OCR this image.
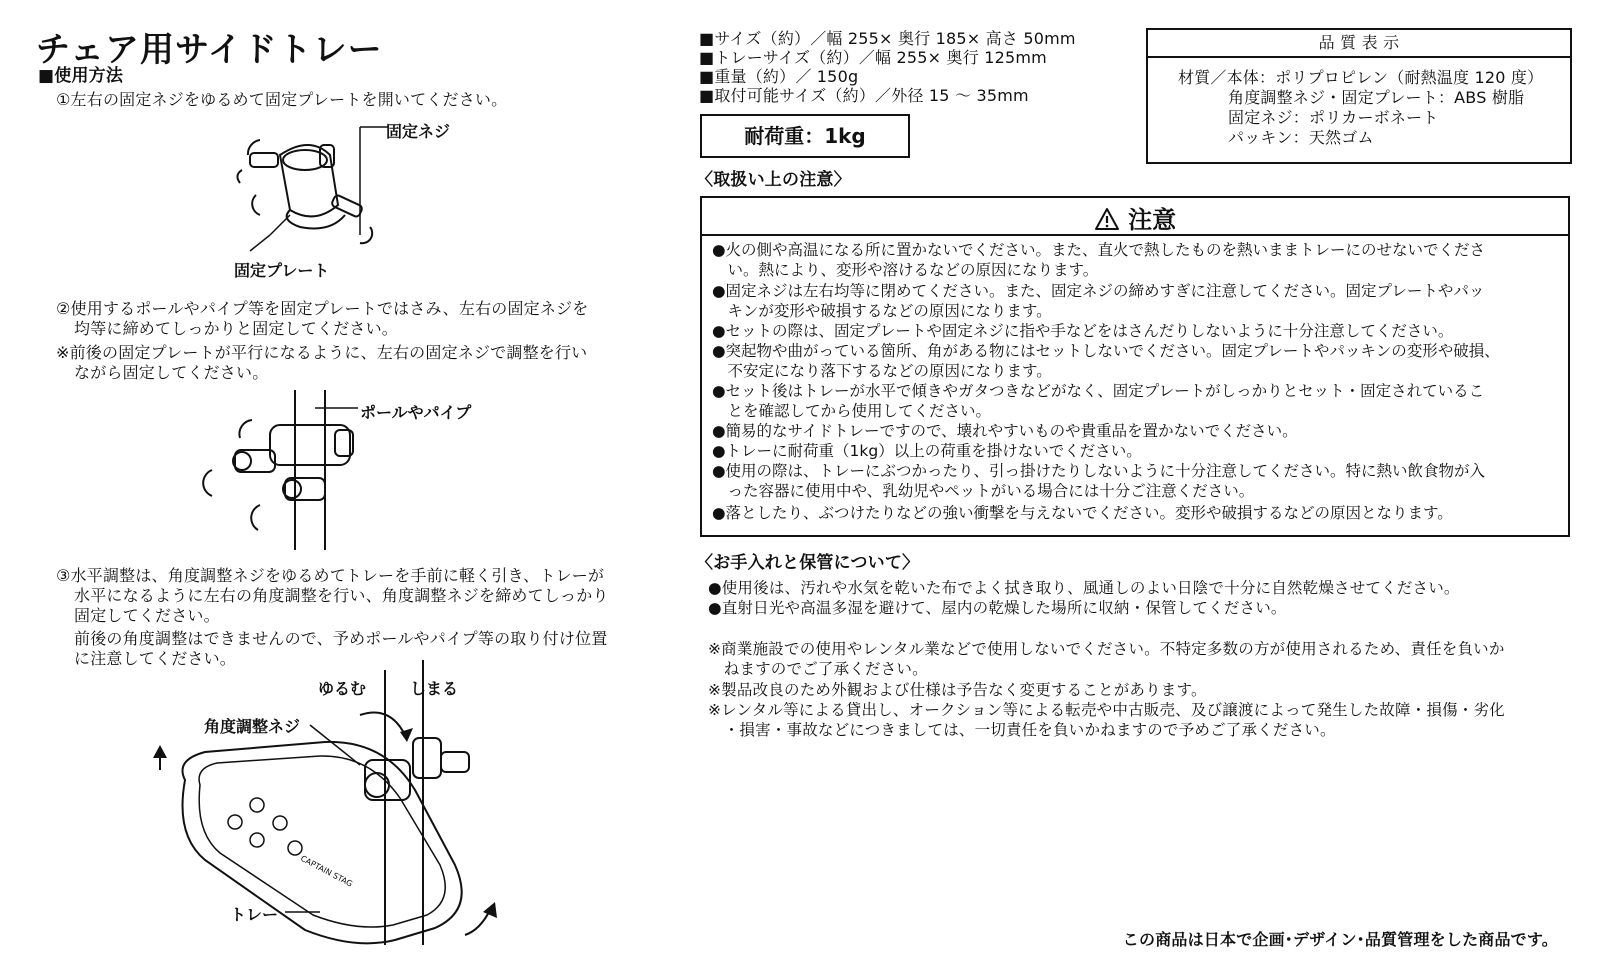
チェア用サイドトレー
■使用方法
①左右の固定ネジをゆるめて固定プレートを開いてください。
固定ネジ
固定プレート
②使用するポールやパイプ等を固定プレートではさみ、左右の固定ネジを
均等に締めてしっかりと固定してください。
※前後の固定プレートが平行になるように、左右の固定ネジで調整を行い
ながら固定してください。
ポールやパイプ
③水平調整は、角度調整ネジをゆるめてトレーを手前に軽く引き、トレーが
水平になるように左右の角度調整を行い、角度調整ネジを締めてしっかり
固定してください。
前後の角度調整はできませんので、予めポールやパイプ等の取り付け位置
に注意してください。
CAPTAIN STAG
ゆるむ	しまる
角度調整ネジ
トレー
■サイズ（約）／幅 255× 奥行 185× 高さ 50mm
■トレーサイズ（約）／幅 255× 奥行 125mm
■重量（約）／ 150g
■取付可能サイズ（約）／外径 15 ～ 35mm
耐荷重：1kg
品 質 表 示
材質／本体：ポリプロピレン（耐熱温度 120 度）
角度調整ネジ・固定プレート：ABS 樹脂
固定ネジ：ポリカーボネート
パッキン：天然ゴム
〈取扱い上の注意〉
注意
●火の側や高温になる所に置かないでください。また、直火で熱したものを熱いままトレーにのせないでくださ
　い。熱により、変形や溶けるなどの原因になります。
●固定ネジは左右均等に閉めてください。また、固定ネジの締めすぎに注意してください。固定プレートやパッ
　キンが変形や破損するなどの原因になります。
●セットの際は、固定プレートや固定ネジに指や手などをはさんだりしないように十分注意してください。
●突起物や曲がっている箇所、角がある物にはセットしないでください。固定プレートやパッキンの変形や破損、
　不安定になり落下するなどの原因になります。
●セット後はトレーが水平で傾きやガタつきなどがなく、固定プレートがしっかりとセット・固定されているこ
　とを確認してから使用してください。
●簡易的なサイドトレーですので、壊れやすいものや貴重品を置かないでください。
●トレーに耐荷重（1kg）以上の荷重を掛けないでください。
●使用の際は、トレーにぶつかったり、引っ掛けたりしないように十分注意してください。特に熱い飲食物が入
　った容器に使用中や、乳幼児やペットがいる場合には十分ご注意ください。
●落としたり、ぶつけたりなどの強い衝撃を与えないでください。変形や破損するなどの原因となります。
〈お手入れと保管について〉
●使用後は、汚れや水気を乾いた布でよく拭き取り、風通しのよい日陰で十分に自然乾燥させてください。
●直射日光や高温多湿を避けて、屋内の乾燥した場所に収納・保管してください。
※商業施設での使用やレンタル業などで使用しないでください。不特定多数の方が使用されるため、責任を負いか
　ねますのでご了承ください。
※製品改良のため外観および仕様は予告なく変更することがあります。
※レンタル等による貸出し、オークション等による転売や中古販売、及び譲渡によって発生した故障・損傷・劣化
　・損害・事故などにつきましては、一切責任を負いかねますので予めご了承ください。
この商品は日本で企画･デザイン･品質管理をした商品です。
